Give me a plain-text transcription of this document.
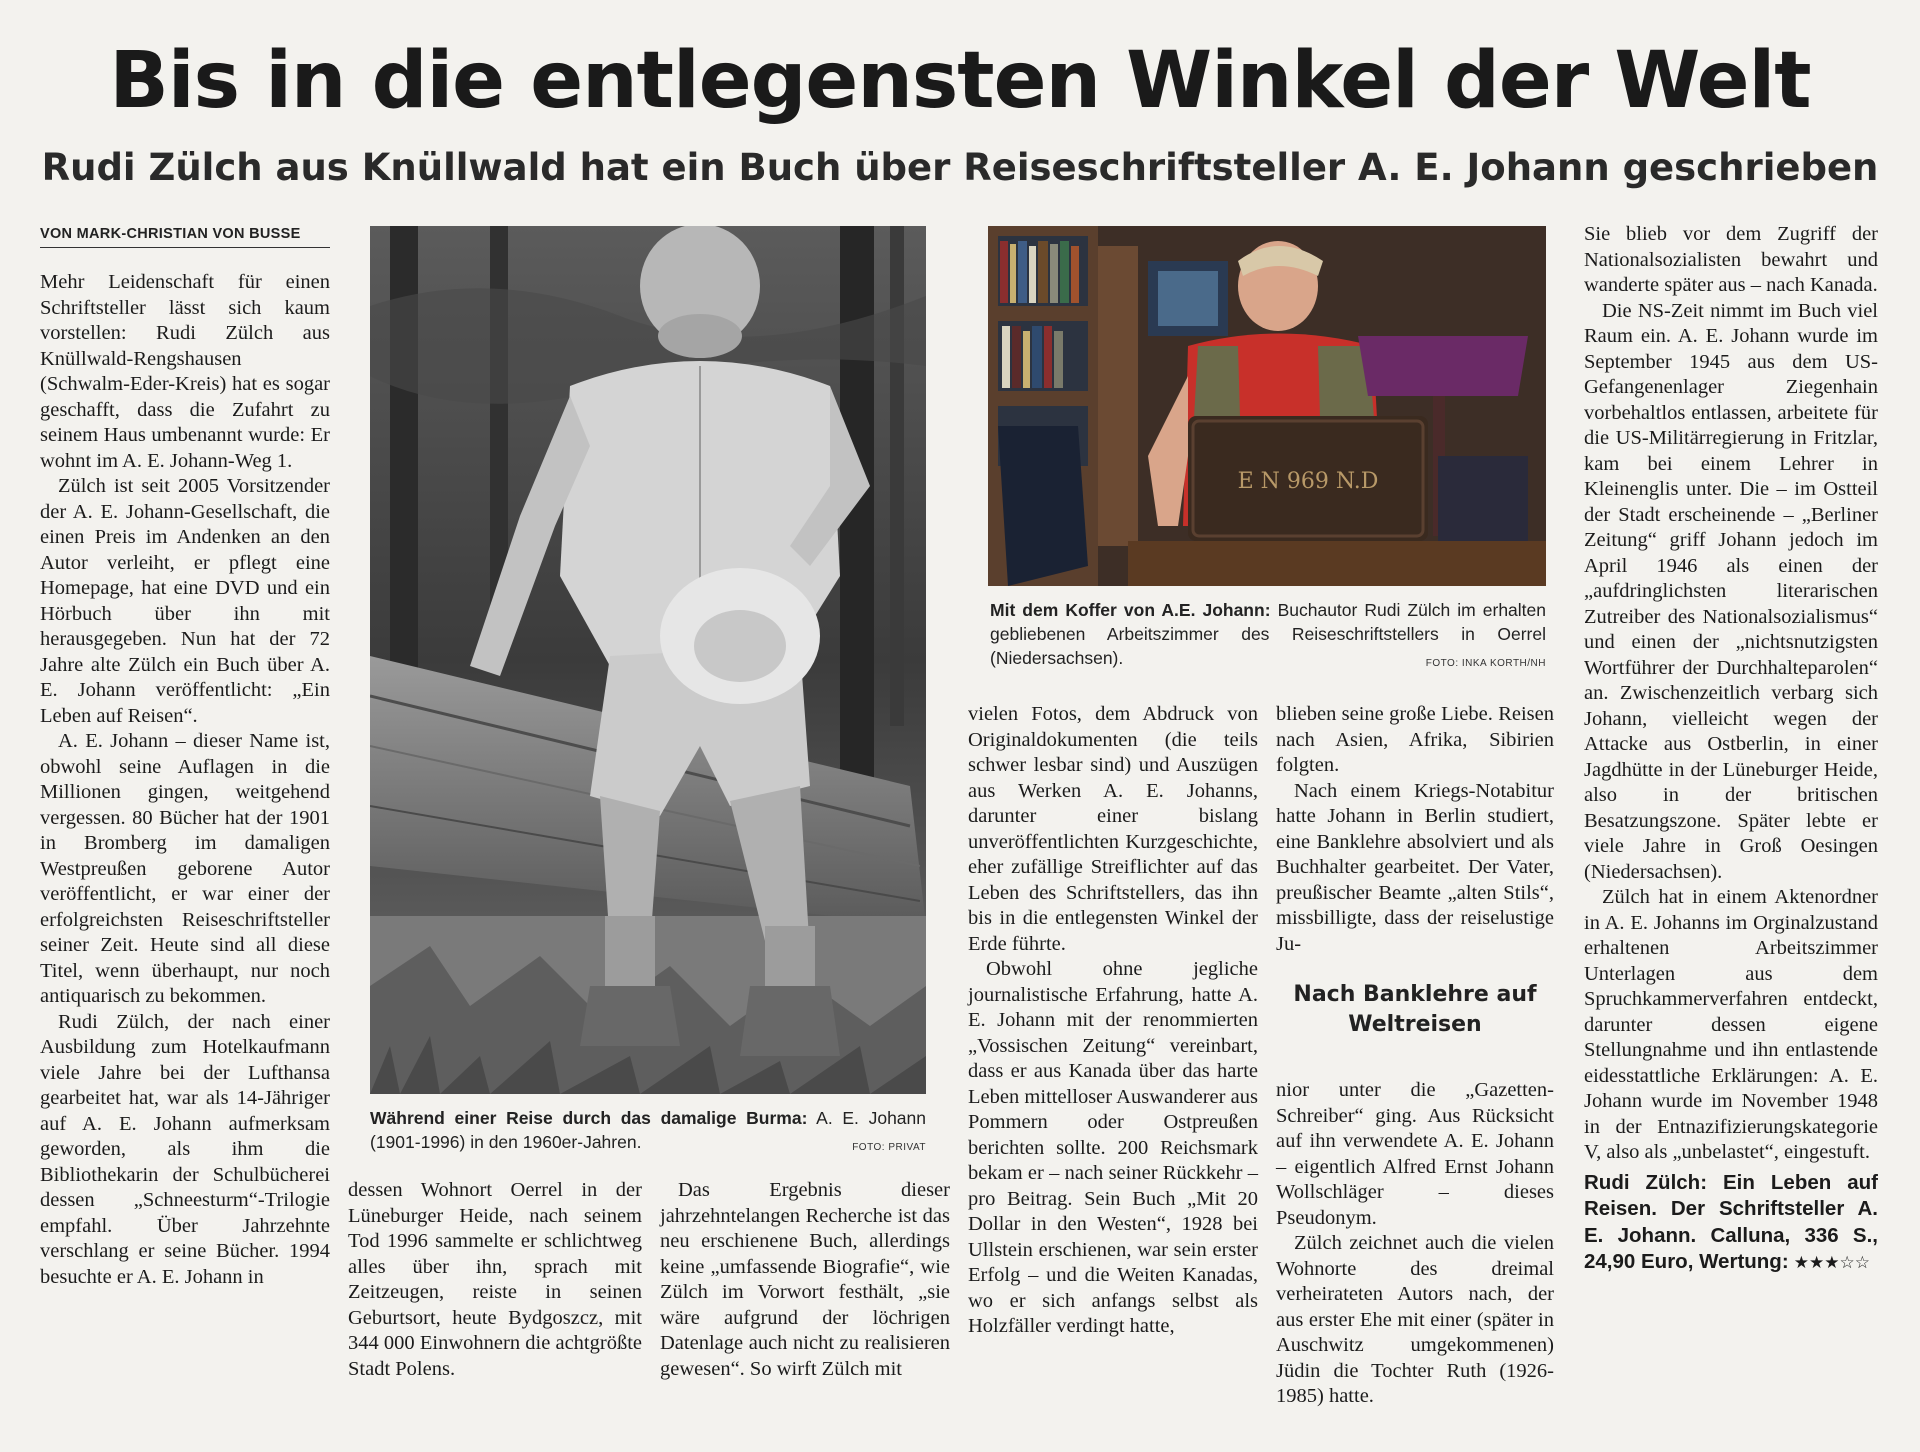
Bis in die entlegensten Winkel der Welt
Rudi Zülch aus Knüllwald hat ein Buch über Reiseschriftsteller A. E. Johann geschrieben
VON MARK-CHRISTIAN VON BUSSE

Mehr Leidenschaft für einen Schriftsteller lässt sich kaum vorstellen: Rudi Zülch aus Knüllwald-Rengshausen (Schwalm-Eder-Kreis) hat es sogar geschafft, dass die Zufahrt zu seinem Haus umbenannt wurde: Er wohnt im A. E. Johann-Weg 1.

Zülch ist seit 2005 Vorsitzender der A. E. Johann-Gesellschaft, die einen Preis im Andenken an den Autor verleiht, er pflegt eine Homepage, hat eine DVD und ein Hörbuch über ihn mit herausgegeben. Nun hat der 72 Jahre alte Zülch ein Buch über A. E. Johann veröffentlicht: „Ein Leben auf Reisen“.

A. E. Johann – dieser Name ist, obwohl seine Auflagen in die Millionen gingen, weitgehend vergessen. 80 Bücher hat der 1901 in Bromberg im damaligen Westpreußen geborene Autor veröffentlicht, er war einer der erfolgreichsten Reiseschriftsteller seiner Zeit. Heute sind all diese Titel, wenn überhaupt, nur noch antiquarisch zu bekommen.

Rudi Zülch, der nach einer Ausbildung zum Hotelkaufmann viele Jahre bei der Lufthansa gearbeitet hat, war als 14-Jähriger auf A. E. Johann aufmerksam geworden, als ihm die Bibliothekarin der Schulbücherei dessen „Schneesturm“-Trilogie empfahl. Über Jahrzehnte verschlang er seine Bücher. 1994 besuchte er A. E. Johann in

Während einer Reise durch das damalige Burma: A. E. Johann (1901-1996) in den 1960er-Jahren.	FOTO: PRIVAT

dessen Wohnort Oerrel in der Lüneburger Heide, nach seinem Tod 1996 sammelte er schlichtweg alles über ihn, sprach mit Zeitzeugen, reiste in seinen Geburtsort, heute Bydgoszcz, mit 344 000 Einwohnern die achtgrößte Stadt Polens.

E N 969 N.D
Mit dem Koffer von A.E. Johann: Buchautor Rudi Zülch im erhalten gebliebenen Arbeitszimmer des Reiseschriftstellers in Oerrel (Niedersachsen).	FOTO: INKA KORTH/NH

vielen Fotos, dem Abdruck von Originaldokumenten (die teils schwer lesbar sind) und Auszügen aus Werken A. E. Johanns, darunter einer bislang unveröffentlichten Kurzgeschichte, eher zufällige Streiflichter auf das Leben des Schriftstellers, das ihn bis in die entlegensten Winkel der Erde führte.

Obwohl ohne jegliche journalistische Erfahrung, hatte A. E. Johann mit der renommierten „Vossischen Zeitung“ vereinbart, dass er aus Kanada über das harte Leben mittelloser Auswanderer aus Pommern oder Ostpreußen berichten sollte. 200 Reichsmark bekam er – nach seiner Rückkehr – pro Beitrag. Sein Buch „Mit 20 Dollar in den Westen“, 1928 bei Ullstein erschienen, war sein erster Erfolg – und die Weiten Kanadas, wo er sich anfangs selbst als Holzfäller verdingt hatte,

Das Ergebnis dieser jahrzehntelangen Recherche ist das neu erschienene Buch, allerdings keine „umfassende Biografie“, wie Zülch im Vorwort festhält, „sie wäre aufgrund der löchrigen Datenlage auch nicht zu realisieren gewesen“. So wirft Zülch mit

blieben seine große Liebe. Reisen nach Asien, Afrika, Sibirien folgten.

Nach einem Kriegs-Notabitur hatte Johann in Berlin studiert, eine Banklehre absolviert und als Buchhalter gearbeitet. Der Vater, preußischer Beamte „alten Stils“, missbilligte, dass der reiselustige Ju-

Nach Banklehre auf Weltreisen

nior unter die „Gazetten-Schreiber“ ging. Aus Rücksicht auf ihn verwendete A. E. Johann – eigentlich Alfred Ernst Johann Wollschläger – dieses Pseudonym.

Zülch zeichnet auch die vielen Wohnorte des dreimal verheirateten Autors nach, der aus erster Ehe mit einer (später in Auschwitz umgekommenen) Jüdin die Tochter Ruth (1926-1985) hatte.

Sie blieb vor dem Zugriff der Nationalsozialisten bewahrt und wanderte später aus – nach Kanada.

Die NS-Zeit nimmt im Buch viel Raum ein. A. E. Johann wurde im September 1945 aus dem US-Gefangenenlager Ziegenhain vorbehaltlos entlassen, arbeitete für die US-Militärregierung in Fritzlar, kam bei einem Lehrer in Kleinenglis unter. Die – im Ostteil der Stadt erscheinende – „Berliner Zeitung“ griff Johann jedoch im April 1946 als einen der „aufdringlichsten literarischen Zutreiber des Nationalsozialismus“ und einen der „nichtsnutzigsten Wortführer der Durchhalteparolen“ an. Zwischenzeitlich verbarg sich Johann, vielleicht wegen der Attacke aus Ostberlin, in einer Jagdhütte in der Lüneburger Heide, also in der britischen Besatzungszone. Später lebte er viele Jahre in Groß Oesingen (Niedersachsen).

Zülch hat in einem Aktenordner in A. E. Johanns im Orginalzustand erhaltenen Arbeitszimmer Unterlagen aus dem Spruchkammerverfahren entdeckt, darunter dessen eigene Stellungnahme und ihn entlastende eidesstattliche Erklärungen: A. E. Johann wurde im November 1948 in der Entnazifizierungskategorie V, also als „unbelastet“, eingestuft.

Rudi Zülch: Ein Leben auf Reisen. Der Schriftsteller A. E. Johann. Calluna, 336 S., 24,90 Euro, Wertung: ★★★☆☆
